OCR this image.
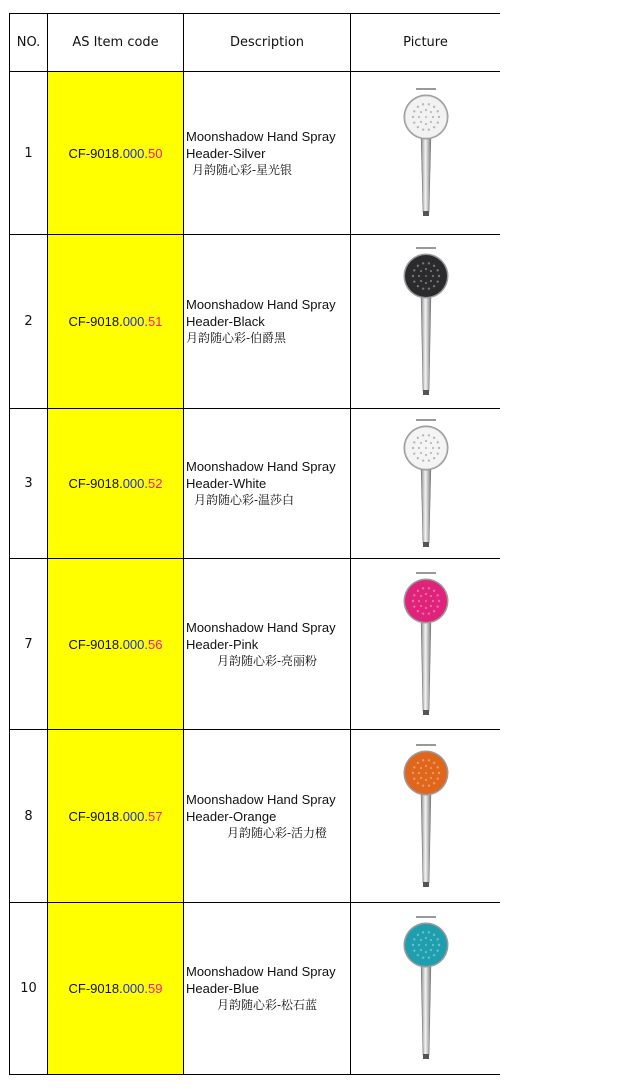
NO.	AS Item code	Description	Picture
1	CF-9018.000.50	Moonshadow Hand Spray
Header-Silver
月韵随心彩-星光银

2	CF-9018.000.51	Moonshadow Hand Spray
Header-Black
月韵随心彩-伯爵黑

3	CF-9018.000.52	Moonshadow Hand Spray
Header-White
月韵随心彩-温莎白

7	CF-9018.000.56	Moonshadow Hand Spray
Header-Pink
月韵随心彩-亮丽粉

8	CF-9018.000.57	Moonshadow Hand Spray
Header-Orange
月韵随心彩-活力橙

10	CF-9018.000.59	Moonshadow Hand Spray
Header-Blue
月韵随心彩-松石蓝
